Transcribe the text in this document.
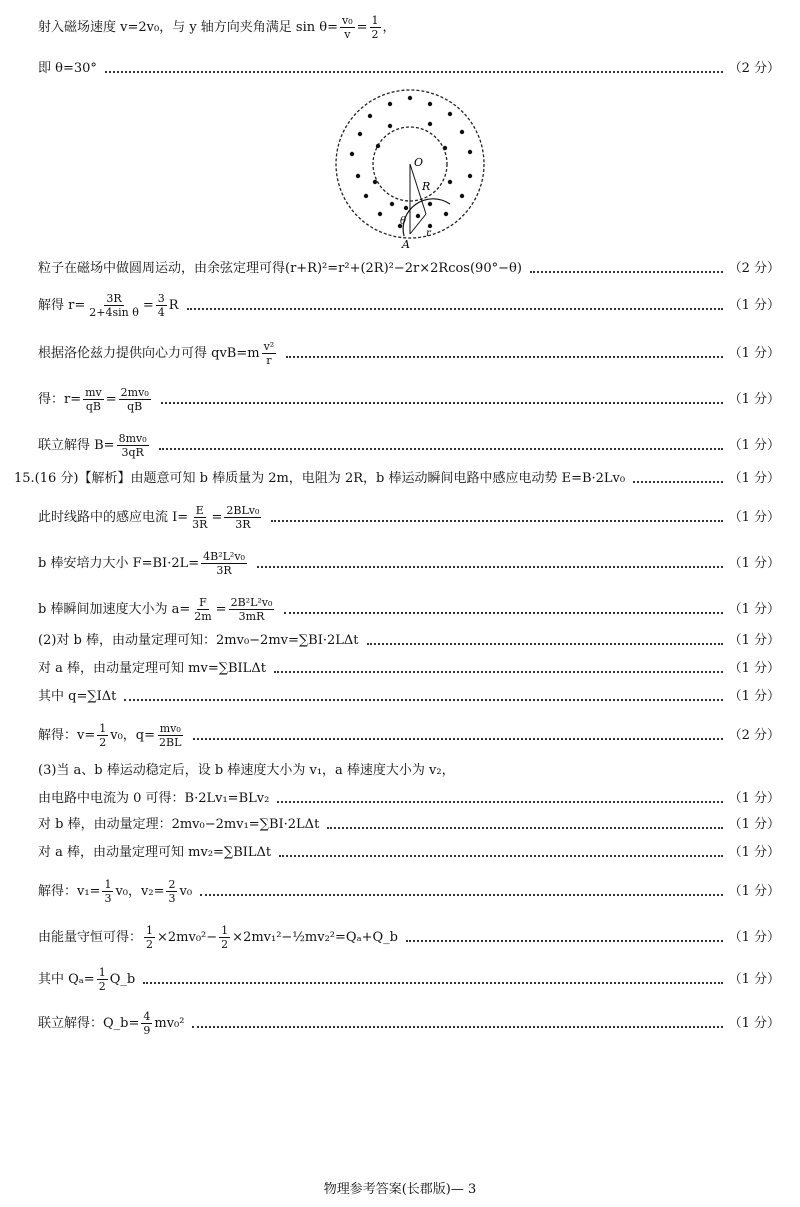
射入磁场速度 v=2v₀，与 y 轴方向夹角满足 $\sin \theta= \frac{\text{v₀}}{v} = \frac{1}{2}$ ，
即 θ=30°	（2 分）
O
R
A
θ
r
粒子在磁场中做圆周运动，由余弦定理可得(r+R)²=r²+(2R)²−2r×2Rcos(90°−θ)	（2 分）
解得 $r= \frac{3R}{\text{2+4sin θ}} = \frac{3}{4}$ R	（1 分）
根据洛伦兹力提供向心力可得 $qvB=m \frac{\text{v²}}{r}$	（1 分）
得：$r= \frac{mv}{qB} = \frac{\text{2mv₀}}{qB}$	（1 分）
联立解得 $B= \frac{\text{8mv₀}}{3qR}$	（1 分）
15.(16 分)【解析】由题意可知 b 棒质量为 2m，电阻为 2R，b 棒运动瞬间电路中感应电动势 E=B·2Lv₀	（1 分）
此时线路中的感应电流 $I= \frac{E}{3R} = \frac{\text{2BLv₀}}{3R}$	（1 分）
b 棒安培力大小 $F=BI\cdot 2L= \frac{\text{4B²L²v₀}}{3R}$	（1 分）
b 棒瞬间加速度大小为 $a= \frac{F}{2m} = \frac{\text{2B²L²v₀}}{3mR}$	（1 分）
(2)对 b 棒，由动量定理可知：2mv₀−2mv=∑BI·2LΔt	（1 分）
对 a 棒，由动量定理可知 mv=∑BILΔt	（1 分）
其中 q=∑IΔt	（1 分）
解得：$v= \frac{1}{2} v_0$，$q= \frac{\text{mv₀}}{2BL}$	（2 分）
(3)当 a、b 棒运动稳定后，设 b 棒速度大小为 v₁，a 棒速度大小为 v₂，
由电路中电流为 0 可得：B·2Lv₁=BLv₂	（1 分）
对 b 棒，由动量定理：2mv₀−2mv₁=∑BI·2LΔt	（1 分）
对 a 棒，由动量定理可知 mv₂=∑BILΔt	（1 分）
解得：$v_1= \frac{1}{3} v_0$，$v_2= \frac{2}{3} v_0$	（1 分）
由能量守恒可得： $\frac{1}{2} \times 2mv_0^2- \frac{1}{2}$ ×2mv₁²−½mv₂²=Qₐ+Q_b	（1 分）
其中 $Q_a= \frac{1}{2}$ Q_b	（1 分）
联立解得：Q_b= $\frac{4}{9} mv_0^2$	（1 分）
物理参考答案(长郡版)— 3
